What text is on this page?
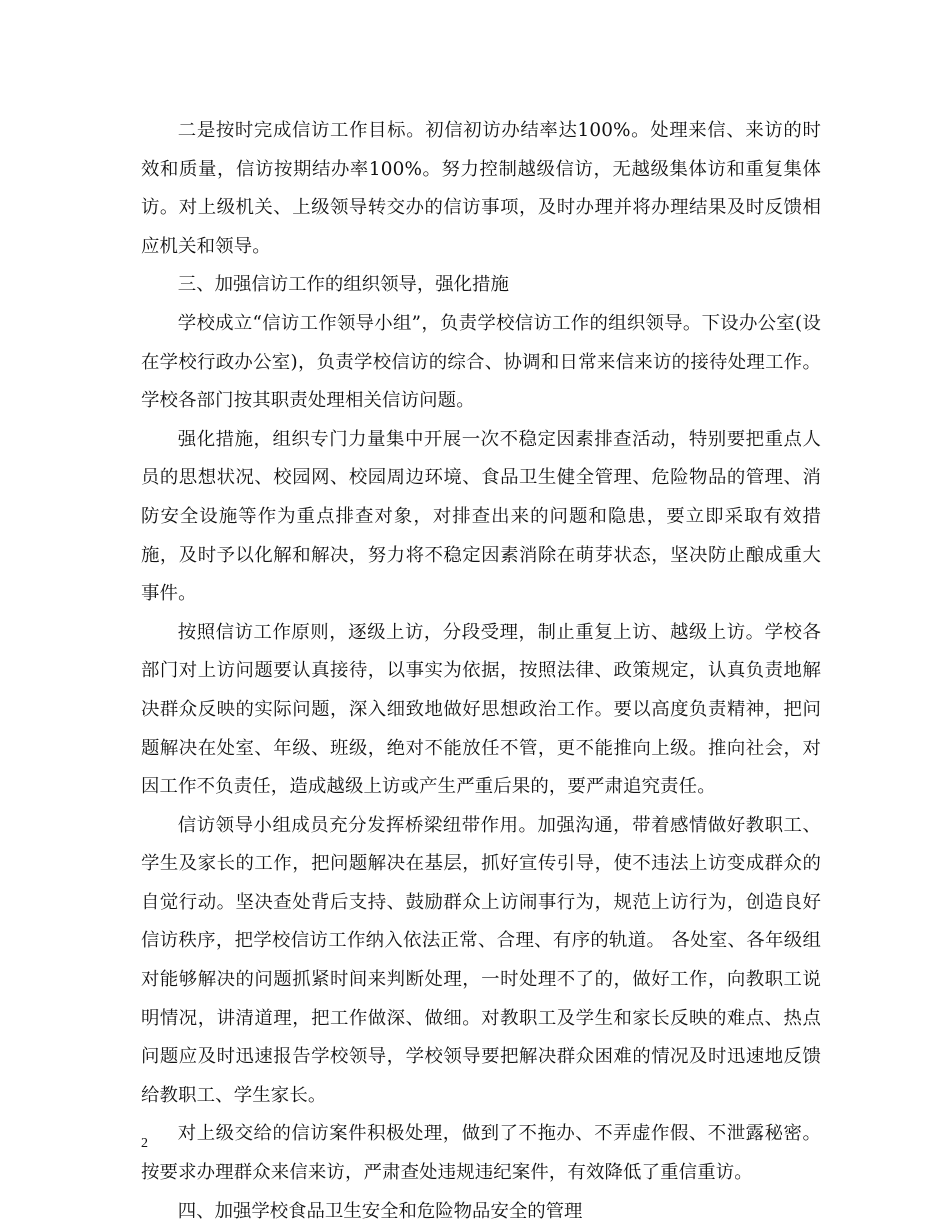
二是按时完成信访工作目标。初信初访办结率达100%。处理来信、来访的时效和质量，信访按期结办率100%。努力控制越级信访，无越级集体访和重复集体访。对上级机关、上级领导转交办的信访事项，及时办理并将办理结果及时反馈相应机关和领导。

三、加强信访工作的组织领导，强化措施

学校成立“信访工作领导小组”，负责学校信访工作的组织领导。下设办公室(设在学校行政办公室)，负责学校信访的综合、协调和日常来信来访的接待处理工作。学校各部门按其职责处理相关信访问题。

强化措施，组织专门力量集中开展一次不稳定因素排查活动，特别要把重点人员的思想状况、校园网、校园周边环境、食品卫生健全管理、危险物品的管理、消防安全设施等作为重点排查对象，对排查出来的问题和隐患，要立即采取有效措施，及时予以化解和解决，努力将不稳定因素消除在萌芽状态，坚决防止酿成重大事件。

按照信访工作原则，逐级上访，分段受理，制止重复上访、越级上访。学校各部门对上访问题要认真接待，以事实为依据，按照法律、政策规定，认真负责地解决群众反映的实际问题，深入细致地做好思想政治工作。要以高度负责精神，把问题解决在处室、年级、班级，绝对不能放任不管，更不能推向上级。推向社会，对因工作不负责任，造成越级上访或产生严重后果的，要严肃追究责任。

信访领导小组成员充分发挥桥梁纽带作用。加强沟通，带着感情做好教职工、学生及家长的工作，把问题解决在基层，抓好宣传引导，使不违法上访变成群众的自觉行动。坚决查处背后支持、鼓励群众上访闹事行为，规范上访行为，创造良好信访秩序，把学校信访工作纳入依法正常、合理、有序的轨道。 各处室、各年级组对能够解决的问题抓紧时间来判断处理，一时处理不了的，做好工作，向教职工说明情况，讲清道理，把工作做深、做细。对教职工及学生和家长反映的难点、热点问题应及时迅速报告学校领导，学校领导要把解决群众困难的情况及时迅速地反馈给教职工、学生家长。

对上级交给的信访案件积极处理，做到了不拖办、不弄虚作假、不泄露秘密。按要求办理群众来信来访，严肃查处违规违纪案件，有效降低了重信重访。

四、加强学校食品卫生安全和危险物品安全的管理

2
